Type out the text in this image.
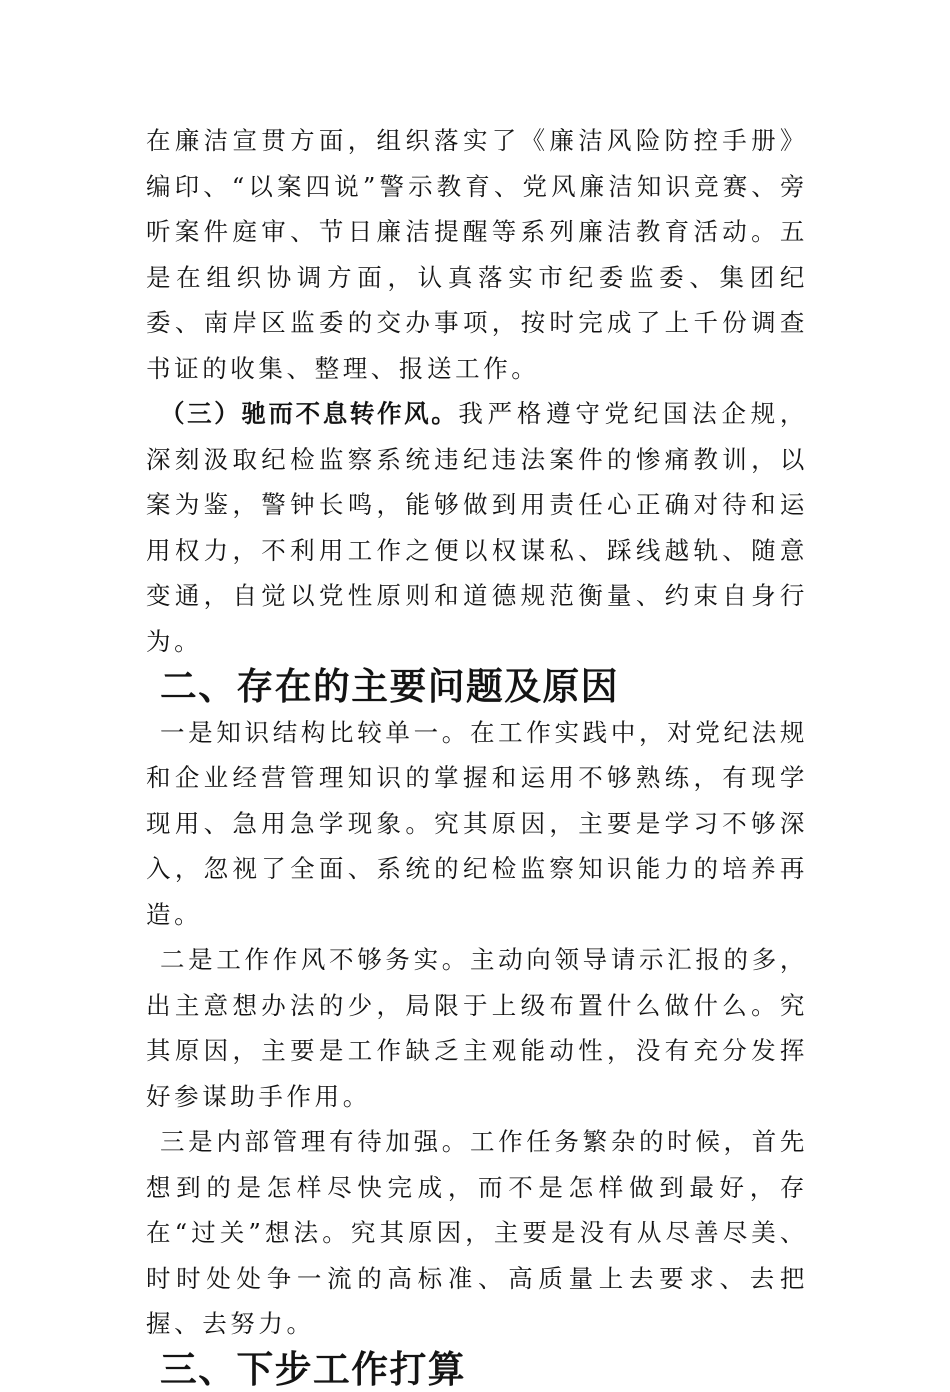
在廉洁宣贯方面，组织落实了《廉洁风险防控手册》编印、“以案四说”警示教育、党风廉洁知识竞赛、旁听案件庭审、节日廉洁提醒等系列廉洁教育活动。五是在组织协调方面，认真落实市纪委监委、集团纪委、南岸区监委的交办事项，按时完成了上千份调查书证的收集、整理、报送工作。

（三）驰而不息转作风。我严格遵守党纪国法企规，深刻汲取纪检监察系统违纪违法案件的惨痛教训，以案为鉴，警钟长鸣，能够做到用责任心正确对待和运用权力，不利用工作之便以权谋私、踩线越轨、随意变通，自觉以党性原则和道德规范衡量、约束自身行为。

二、存在的主要问题及原因

一是知识结构比较单一。在工作实践中，对党纪法规和企业经营管理知识的掌握和运用不够熟练，有现学现用、急用急学现象。究其原因，主要是学习不够深入，忽视了全面、系统的纪检监察知识能力的培养再造。

二是工作作风不够务实。主动向领导请示汇报的多，出主意想办法的少，局限于上级布置什么做什么。究其原因，主要是工作缺乏主观能动性，没有充分发挥好参谋助手作用。

三是内部管理有待加强。工作任务繁杂的时候，首先想到的是怎样尽快完成，而不是怎样做到最好，存在“过关”想法。究其原因，主要是没有从尽善尽美、时时处处争一流的高标准、高质量上去要求、去把握、去努力。

三、下步工作打算
